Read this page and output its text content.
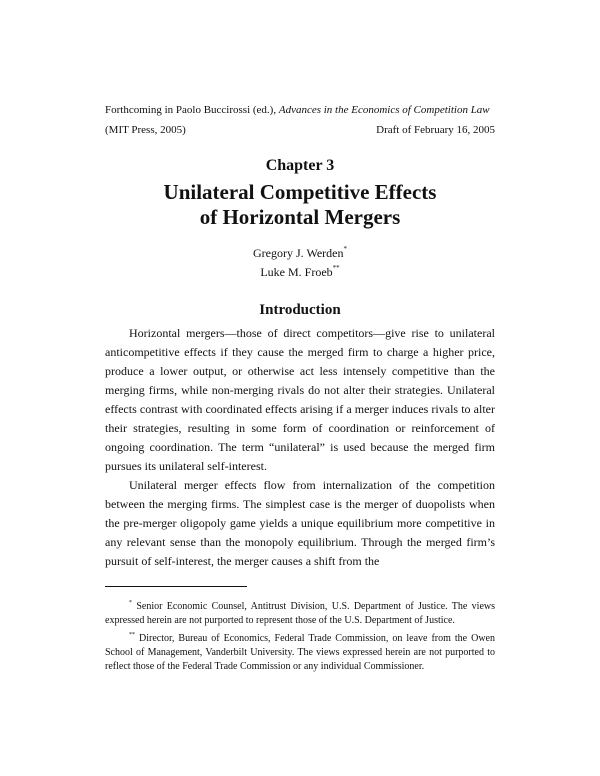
Forthcoming in Paolo Buccirossi (ed.), Advances in the Economics of Competition Law
(MIT Press, 2005)	Draft of February 16, 2005
Chapter 3
Unilateral Competitive Effects
of Horizontal Mergers
Gregory J. Werden*
Luke M. Froeb**
Introduction

Horizontal mergers—those of direct competitors—give rise to unilateral anticompetitive effects if they cause the merged firm to charge a higher price, produce a lower output, or otherwise act less intensely competitive than the merging firms, while non-merging rivals do not alter their strategies. Unilateral effects contrast with coordinated effects arising if a merger induces rivals to alter their strategies, resulting in some form of coordination or reinforcement of ongoing coordination. The term “unilateral” is used because the merged firm pursues its unilateral self-interest.

Unilateral merger effects flow from internalization of the competition between the merging firms. The simplest case is the merger of duopolists when the pre-merger oligopoly game yields a unique equilibrium more competitive in any relevant sense than the monopoly equilibrium. Through the merged firm’s pursuit of self-interest, the merger causes a shift from the

* Senior Economic Counsel, Antitrust Division, U.S. Department of Justice. The views expressed herein are not purported to represent those of the U.S. Department of Justice.

** Director, Bureau of Economics, Federal Trade Commission, on leave from the Owen School of Management, Vanderbilt University. The views expressed herein are not purported to reflect those of the Federal Trade Commission or any individual Commissioner.
